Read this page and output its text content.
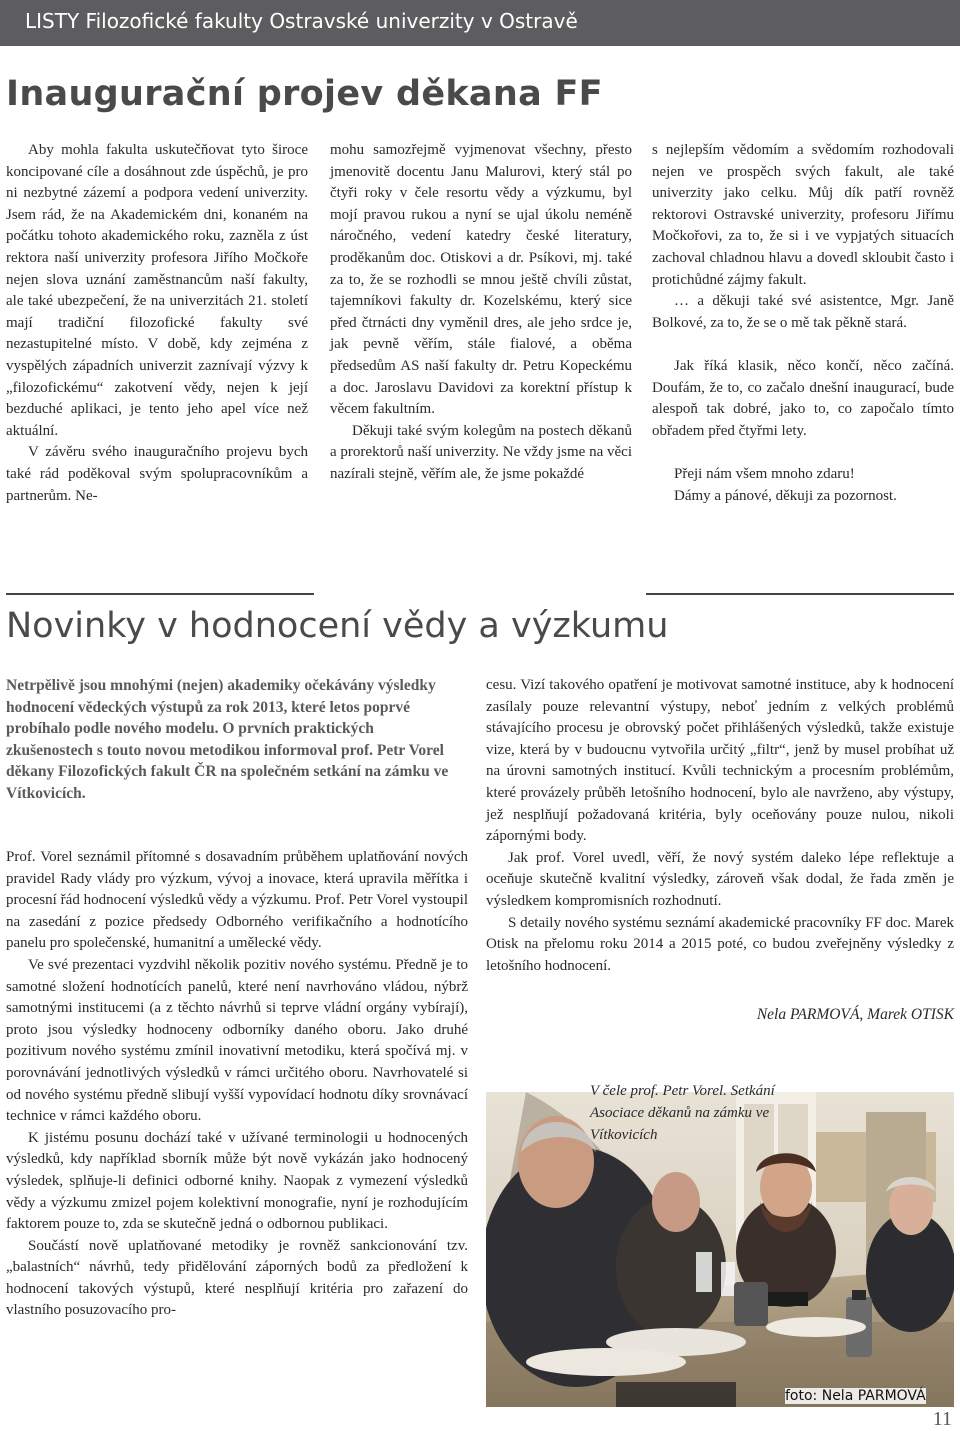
LISTY Filozofické fakulty Ostravské univerzity v Ostravě
Inaugurační projev děkana FF

Aby mohla fakulta uskutečňovat tyto široce koncipované cíle a dosáhnout zde úspěchů, je pro ni nezbytné zázemí a podpora vedení univerzity. Jsem rád, že na Akademickém dni, konaném na počátku tohoto akademického roku, zazněla z úst rektora naší univerzity profesora Jiřího Močkoře nejen slova uznání zaměstnancům naší fakulty, ale také ubezpečení, že na univerzitách 21. století mají tradiční filozofické fakulty své nezastupitelné místo. V době, kdy zejména z vyspělých západních univerzit zaznívají výzvy k „filozofickému“ zakotvení vědy, nejen k její bezduché aplikaci, je tento jeho apel více než aktuální.

V závěru svého inauguračního projevu bych také rád poděkoval svým spolupracovníkům a partnerům. Ne-

mohu samozřejmě vyjmenovat všechny, přesto jmenovitě docentu Janu Malurovi, který stál po čtyři roky v čele resortu vědy a výzkumu, byl mojí pravou rukou a nyní se ujal úkolu neméně náročného, vedení katedry české literatury, proděkanům doc. Otiskovi a dr. Psíkovi, mj. také za to, že se rozhodli se mnou ještě chvíli zůstat, tajemníkovi fakulty dr. Kozelskému, který sice před čtrnácti dny vyměnil dres, ale jeho srdce je, jak pevně věřím, stále fialové, a oběma předsedům AS naší fakulty dr. Petru Kopeckému a doc. Jaroslavu Davidovi za korektní přístup k věcem fakultním.

Děkuji také svým kolegům na postech děkanů a prorektorů naší univerzity. Ne vždy jsme na věci nazírali stejně, věřím ale, že jsme pokaždé

s nejlepším vědomím a svědomím rozhodovali nejen ve prospěch svých fakult, ale také univerzity jako celku. Můj dík patří rovněž rektorovi Ostravské univerzity, profesoru Jiřímu Močkořovi, za to, že si i ve vypjatých situacích zachoval chladnou hlavu a dovedl skloubit často i protichůdné zájmy fakult.

… a děkuji také své asistentce, Mgr. Janě Bolkové, za to, že se o mě tak pěkně stará.

Jak říká klasik, něco končí, něco začíná. Doufám, že to, co začalo dnešní inaugurací, bude alespoň tak dobré, jako to, co započalo tímto obřadem před čtyřmi lety.

Přeji nám všem mnoho zdaru!

Dámy a pánové, děkuji za pozornost.

Novinky v hodnocení vědy a výzkumu

Netrpělivě jsou mnohými (nejen) akademiky očekávány výsledky hodnocení vědeckých výstupů za rok 2013, které letos poprvé probíhalo podle nového modelu. O prvních praktických zkušenostech s touto novou metodikou informoval prof. Petr Vorel děkany Filozofických fakult ČR na společném setkání na zámku ve Vítkovicích.

Prof. Vorel seznámil přítomné s dosavadním průběhem uplatňování nových pravidel Rady vlády pro výzkum, vývoj a inovace, která upravila měřítka i procesní řád hodnocení výsledků vědy a výzkumu. Prof. Petr Vorel vystoupil na zasedání z pozice předsedy Odborného verifikačního a hodnotícího panelu pro společenské, humanitní a umělecké vědy.

Ve své prezentaci vyzdvihl několik pozitiv nového systému. Předně je to samotné složení hodnotících panelů, které není navrhováno vládou, nýbrž samotnými institucemi (a z těchto návrhů si teprve vládní orgány vybírají), proto jsou výsledky hodnoceny odborníky daného oboru. Jako druhé pozitivum nového systému zmínil inovativní metodiku, která spočívá mj. v porovnávání jednotlivých výsledků v rámci určitého oboru. Navrhovatelé si od nového systému předně slibují vyšší vypovídací hodnotu díky srovnávací technice v rámci každého oboru.

K jistému posunu dochází také v užívané terminologii u hodnocených výsledků, kdy například sborník může být nově vykázán jako hodnocený výsledek, splňuje-li definici odborné knihy. Naopak z vymezení výsledků vědy a výzkumu zmizel pojem kolektivní monografie, nyní je rozhodujícím faktorem pouze to, zda se skutečně jedná o odbornou publikaci.

Součástí nově uplatňované metodiky je rovněž sankcionování tzv. „balastních“ návrhů, tedy přidělování záporných bodů za předložení k hodnocení takových výstupů, které nesplňují kritéria pro zařazení do vlastního posuzovacího pro-

cesu. Vizí takového opatření je motivovat samotné instituce, aby k hodnocení zasílaly pouze relevantní výstupy, neboť jedním z velkých problémů stávajícího procesu je obrovský počet přihlášených výsledků, takže existuje vize, která by v budoucnu vytvořila určitý „filtr“, jenž by musel probíhat už na úrovni samotných institucí. Kvůli technickým a procesním problémům, které provázely průběh letošního hodnocení, bylo ale navrženo, aby výstupy, jež nesplňují požadovaná kritéria, byly oceňovány pouze nulou, nikoli zápornými body.

Jak prof. Vorel uvedl, věří, že nový systém daleko lépe reflektuje a oceňuje skutečně kvalitní výsledky, zároveň však dodal, že řada změn je výsledkem kompromisních rozhodnutí.

S detaily nového systému seznámí akademické pracovníky FF doc. Marek Otisk na přelomu roku 2014 a 2015 poté, co budou zveřejněny výsledky z letošního hodnocení.

Nela PARMOVÁ, Marek OTISK
V čele prof. Petr Vorel. Setkání Asociace děkanů na zámku ve Vítkovicích
foto: Nela PARMOVÁ
11
